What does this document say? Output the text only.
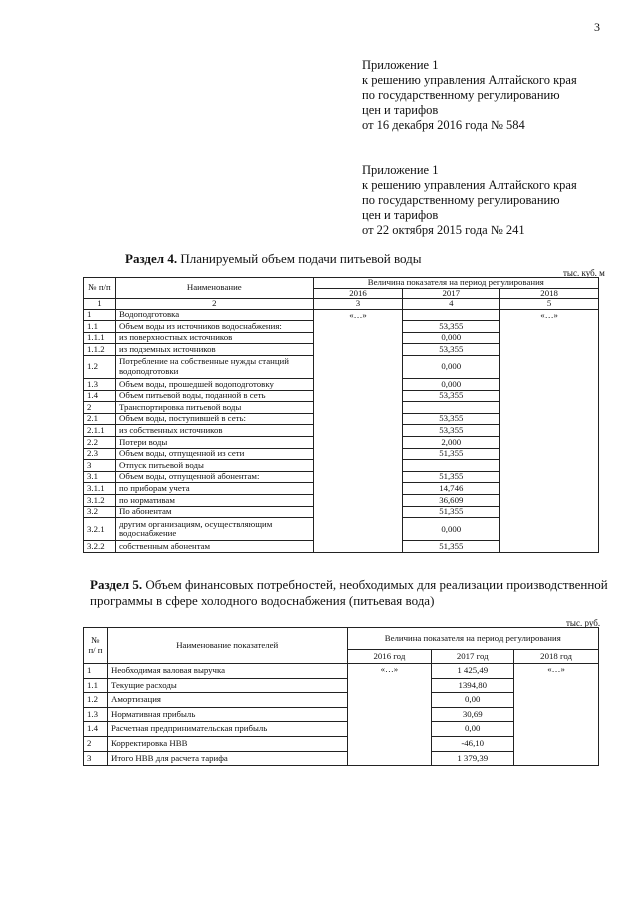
3
Приложение 1
к решению управления Алтайского края
по государственному регулированию
цен и тарифов
от 16 декабря 2016 года № 584
Приложение 1
к решению управления Алтайского края
по государственному регулированию
цен и тарифов
от 22 октября 2015 года № 241
Раздел 4. Планируемый объем подачи питьевой воды
тыс. куб. м
№ п/п	Наименование	Величина показателя на период регулирования		
		2016	2017	2018
1	2	3	4	5
1	Водоподготовка	«…»		«…»
1.1	Объем воды из источников водоснабжения:		53,355	
1.1.1	из поверхностных источников		0,000	
1.1.2	из подземных источников		53,355	
1.2	Потребление на собственные нужды станций водоподготовки		0,000	
1.3	Объем воды, прошедшей водоподготовку		0,000	
1.4	Объем питьевой воды, поданной в сеть		53,355	
2	Транспортировка питьевой воды			
2.1	Объем воды, поступившей в сеть:		53,355	
2.1.1	из собственных источников		53,355	
2.2	Потери воды		2,000	
2.3	Объем воды, отпущенной из сети		51,355	
3	Отпуск питьевой воды			
3.1	Объем воды, отпущенной абонентам:		51,355	
3.1.1	по приборам учета		14,746	
3.1.2	по нормативам		36,609	
3.2	По абонентам		51,355	
3.2.1	другим организациям, осуществляющим водоснабжение		0,000	
3.2.2	собственным абонентам		51,355	
Раздел 5. Объем финансовых потребностей, необходимых для реализации производственной программы в сфере холодного водоснабжения (питьевая вода)
тыс. руб.
№ п/ п	Наименование показателей	Величина показателя на период регулирования		
		2016 год	2017 год	2018 год
1	Необходимая валовая выручка	«…»	1 425,49	«…»
1.1	Текущие расходы		1394,80	
1.2	Амортизация		0,00	
1.3	Нормативная прибыль		30,69	
1.4	Расчетная предпринимательская прибыль		0,00	
2	Корректировка НВВ		-46,10	
3	Итого НВВ для расчета тарифа		1 379,39	
